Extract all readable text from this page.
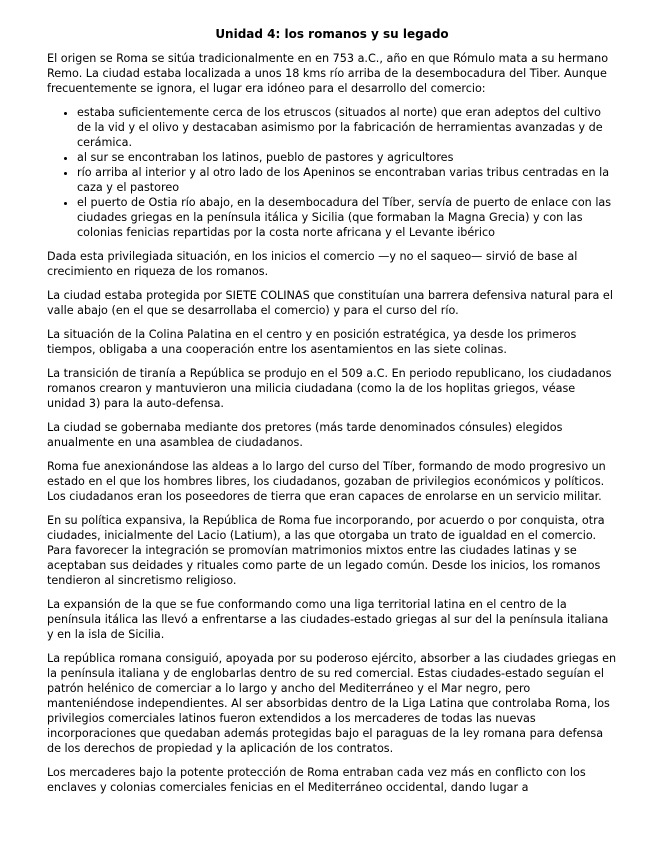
Unidad 4: los romanos y su legado

El origen se Roma se sitúa tradicionalmente en en 753 a.C., año en que Rómulo mata a su hermano Remo. La ciudad estaba localizada a unos 18 kms río arriba de la desembocadura del Tiber. Aunque frecuentemente se ignora, el lugar era idóneo para el desarrollo del comercio:

• estaba suficientemente cerca de los etruscos (situados al norte) que eran adeptos del cultivo de la vid y el olivo y destacaban asimismo por la fabricación de herramientas avanzadas y de cerámica.
• al sur se encontraban los latinos, pueblo de pastores y agricultores
• río arriba al interior y al otro lado de los Apeninos se encontraban varias tribus centradas en la caza y el pastoreo
• el puerto de Ostia río abajo, en la desembocadura del Tíber, servía de puerto de enlace con las ciudades griegas en la península itálica y Sicilia (que formaban la Magna Grecia) y con las colonias fenicias repartidas por la costa norte africana y el Levante ibérico

Dada esta privilegiada situación, en los inicios el comercio —y no el saqueo— sirvió de base al crecimiento en riqueza de los romanos.

La ciudad estaba protegida por SIETE COLINAS que constituían una barrera defensiva natural para el valle abajo (en el que se desarrollaba el comercio) y para el curso del río.

La situación de la Colina Palatina en el centro y en posición estratégica, ya desde los primeros tiempos, obligaba a una cooperación entre los asentamientos en las siete colinas.

La transición de tiranía a República se produjo en el 509 a.C. En periodo republicano, los ciudadanos romanos crearon y mantuvieron una milicia ciudadana (como la de los hoplitas griegos, véase unidad 3) para la auto-defensa.

La ciudad se gobernaba mediante dos pretores (más tarde denominados cónsules) elegidos anualmente en una asamblea de ciudadanos.

Roma fue anexionándose las aldeas a lo largo del curso del Tíber, formando de modo progresivo un estado en el que los hombres libres, los ciudadanos, gozaban de privilegios económicos y políticos. Los ciudadanos eran los poseedores de tierra que eran capaces de enrolarse en un servicio militar.

En su política expansiva, la República de Roma fue incorporando, por acuerdo o por conquista, otra ciudades, inicialmente del Lacio (Latium), a las que otorgaba un trato de igualdad en el comercio. Para favorecer la integración se promovían matrimonios mixtos entre las ciudades latinas y se aceptaban sus deidades y rituales como parte de un legado común. Desde los inicios, los romanos tendieron al sincretismo religioso.

La expansión de la que se fue conformando como una liga territorial latina en el centro de la península itálica las llevó a enfrentarse a las ciudades-estado griegas al sur del la península italiana y en la isla de Sicilia.

La república romana consiguió, apoyada por su poderoso ejército, absorber a las ciudades griegas en la península italiana y de englobarlas dentro de su red comercial. Estas ciudades-estado seguían el patrón helénico de comerciar a lo largo y ancho del Mediterráneo y el Mar negro, pero manteniéndose independientes. Al ser absorbidas dentro de la Liga Latina que controlaba Roma, los privilegios comerciales latinos fueron extendidos a los mercaderes de todas las nuevas incorporaciones que quedaban además protegidas bajo el paraguas de la ley romana para defensa de los derechos de propiedad y la aplicación de los contratos.

Los mercaderes bajo la potente protección de Roma entraban cada vez más en conflicto con los enclaves y colonias comerciales fenicias en el Mediterráneo occidental, dando lugar a
